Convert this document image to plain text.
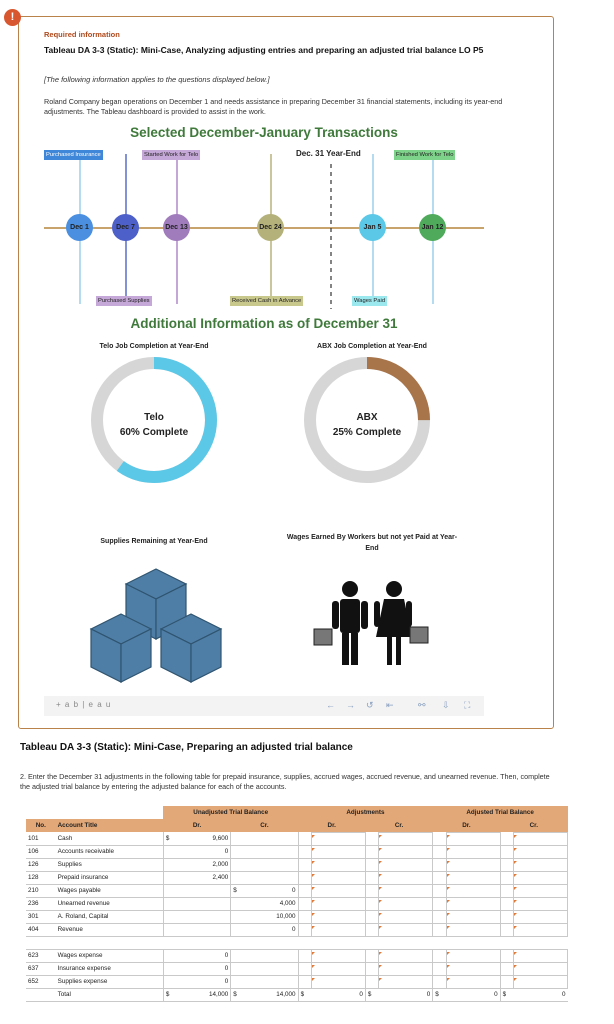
!
Required information
Tableau DA 3-3 (Static): Mini-Case, Analyzing adjusting entries and preparing an adjusted trial balance LO P5
[The following information applies to the questions displayed below.]
Roland Company began operations on December 1 and needs assistance in preparing December 31 financial statements, including its year-end adjustments. The Tableau dashboard is provided to assist in the work.
Selected December-January Transactions
Purchased Insurance	Started Work for Telo	Dec. 31 Year-End	Finished Work for Telo
Dec 1	Dec 7	Dec 13	Dec 24	Jan 5	Jan 12
Purchased Supplies	Received Cash in Advance	Wages Paid
Additional Information as of December 31
Telo Job Completion at Year-End	ABX Job Completion at Year-End
Telo
60% Complete
ABX
25% Complete
Supplies Remaining at Year-End
Wages Earned By Workers but not yet Paid at Year-End
+ a b | e a u	← → ↺ ⇤	⚯ ⇩ ⛶
Tableau DA 3-3 (Static): Mini-Case, Preparing an adjusted trial balance
2. Enter the December 31 adjustments in the following table for prepaid insurance, supplies, accrued wages, accrued revenue, and unearned revenue. Then, complete the adjusted trial balance by entering the adjusted balance for each of the accounts.
		Unadjusted Trial Balance				Adjustments				Adjusted Trial Balance			
No.	Account Title	Dr.		Cr.		Dr.		Cr.		Dr.		Cr.	
101	Cash	$	9,600										
106	Accounts receivable		0										
126	Supplies		2,000										
128	Prepaid insurance		2,400										
210	Wages payable			$	0								
236	Unearned revenue				4,000								
301	A. Roland, Capital				10,000								
404	Revenue				0								

623	Wages expense		0										
637	Insurance expense		0										
652	Supplies expense		0										
	Total	$	14,000	$	14,000	$	0	$	0	$	0	$	0
